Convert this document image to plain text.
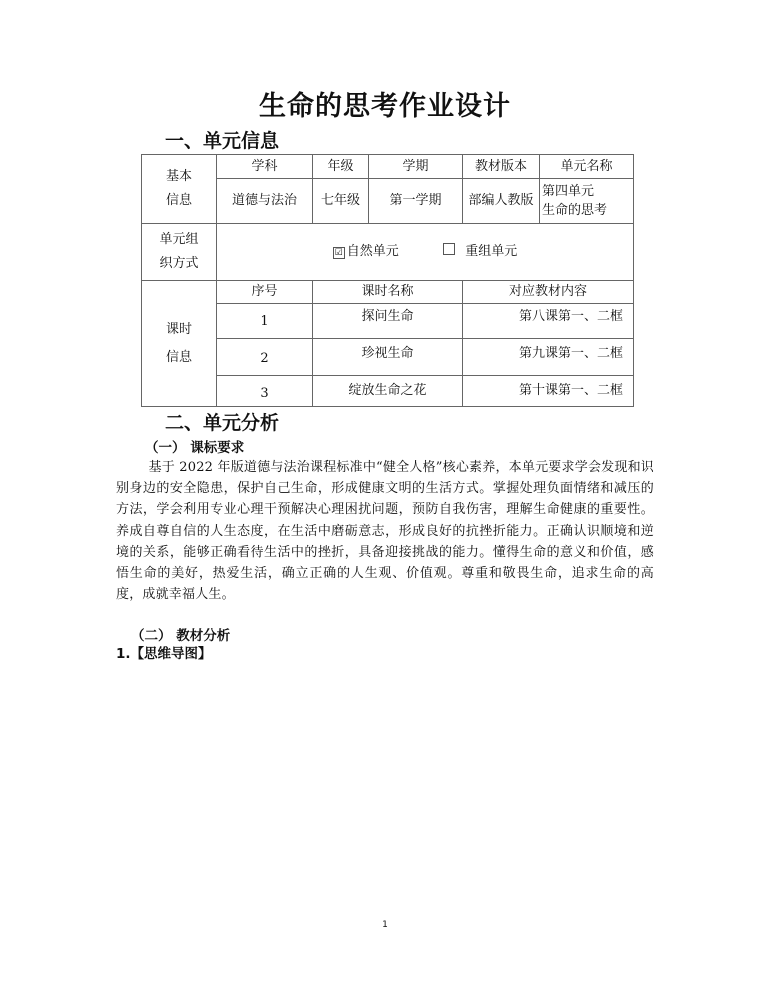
生命的思考作业设计
一、单元信息
基本
信息	学科	年级	学期	教材版本	单元名称
	道德与法治	七年级	第一学期	部编人教版	第四单元
生命的思考

单元组
织方式	☑ 自然单元 重组单元				

课时
信息	序号	课时名称		对应教材内容	
	1	探问生命		第八课第一、二框	
	2	珍视生命		第九课第一、二框	
	3	绽放生命之花		第十课第一、二框	
二、单元分析
（一） 课标要求
基于 2022 年版道德与法治课程标准中“健全人格”核心素养，本单元要求学会发现和识别身边的安全隐患，保护自己生命，形成健康文明的生活方式。掌握处理负面情绪和减压的方法，学会利用专业心理干预解决心理困扰问题，预防自我伤害，理解生命健康的重要性。养成自尊自信的人生态度，在生活中磨砺意志，形成良好的抗挫折能力。正确认识顺境和逆境的关系，能够正确看待生活中的挫折，具备迎接挑战的能力。懂得生命的意义和价值，感悟生命的美好，热爱生活，确立正确的人生观、价值观。尊重和敬畏生命，追求生命的高度，成就幸福人生。
（二） 教材分析
1.【思维导图】
1
